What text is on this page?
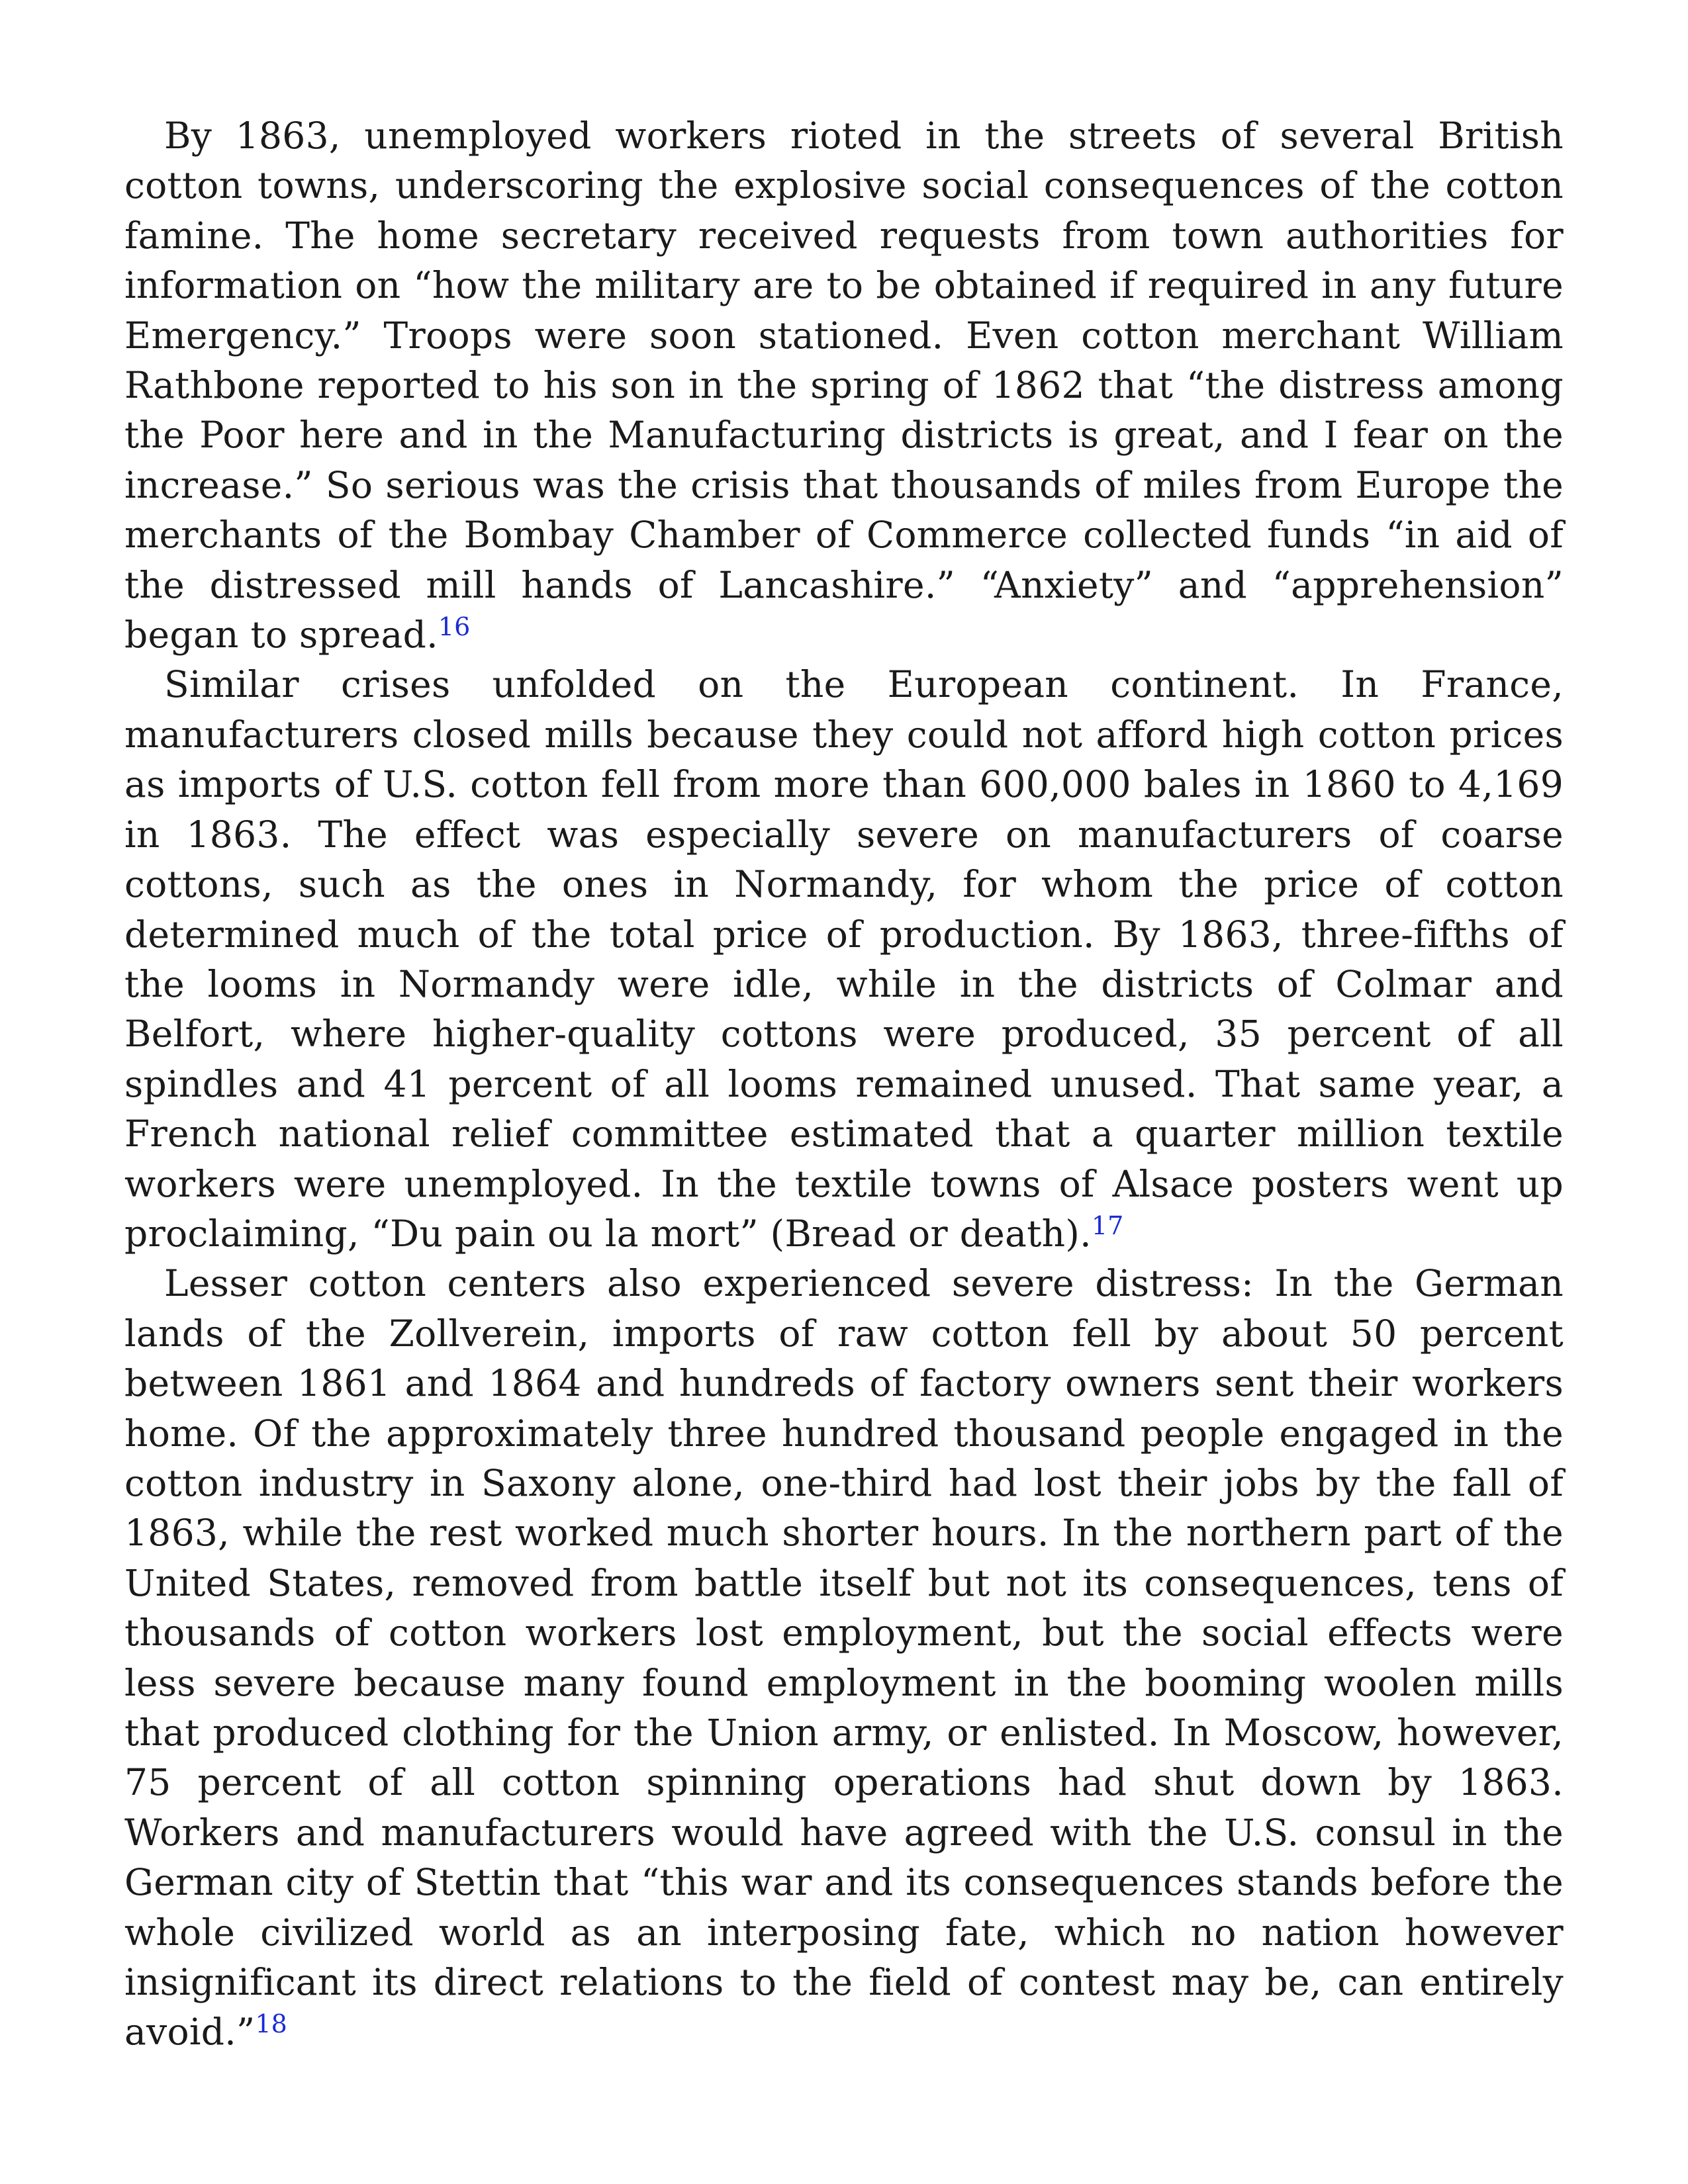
By 1863, unemployed workers rioted in the streets of several British cotton towns, underscoring the explosive social consequences of the cotton famine. The home secretary received requests from town authorities for information on “how the military are to be obtained if required in any future Emergency.” Troops were soon stationed. Even cotton merchant William Rathbone reported to his son in the spring of 1862 that “the distress among the Poor here and in the Manufacturing districts is great, and I fear on the increase.” So serious was the crisis that thousands of miles from Europe the merchants of the Bombay Chamber of Commerce collected funds “in aid of the distressed mill hands of Lancashire.” “Anxiety” and “apprehension” began to spread.$^{16}$

Similar crises unfolded on the European continent. In France, manufacturers closed mills because they could not afford high cotton prices as imports of U.S. cotton fell from more than 600,000 bales in 1860 to 4,169 in 1863. The effect was especially severe on manufacturers of coarse cottons, such as the ones in Normandy, for whom the price of cotton determined much of the total price of production. By 1863, three-fifths of the looms in Normandy were idle, while in the districts of Colmar and Belfort, where higher-quality cottons were produced, 35 percent of all spindles and 41 percent of all looms remained unused. That same year, a French national relief committee estimated that a quarter million textile workers were unemployed. In the textile towns of Alsace posters went up proclaiming, “Du pain ou la mort” (Bread or death).$^{17}$

Lesser cotton centers also experienced severe distress: In the German lands of the Zollverein, imports of raw cotton fell by about 50 percent between 1861 and 1864 and hundreds of factory owners sent their workers home. Of the approximately three hundred thousand people engaged in the cotton industry in Saxony alone, one-third had lost their jobs by the fall of 1863, while the rest worked much shorter hours. In the northern part of the United States, removed from battle itself but not its consequences, tens of thousands of cotton workers lost employment, but the social effects were less severe because many found employment in the booming woolen mills that produced clothing for the Union army, or enlisted. In Moscow, however, 75 percent of all cotton spinning operations had shut down by 1863. Workers and manufacturers would have agreed with the U.S. consul in the German city of Stettin that “this war and its consequences stands before the whole civilized world as an interposing fate, which no nation however insignificant its direct relations to the field of contest may be, can entirely avoid.”$^{18}$
